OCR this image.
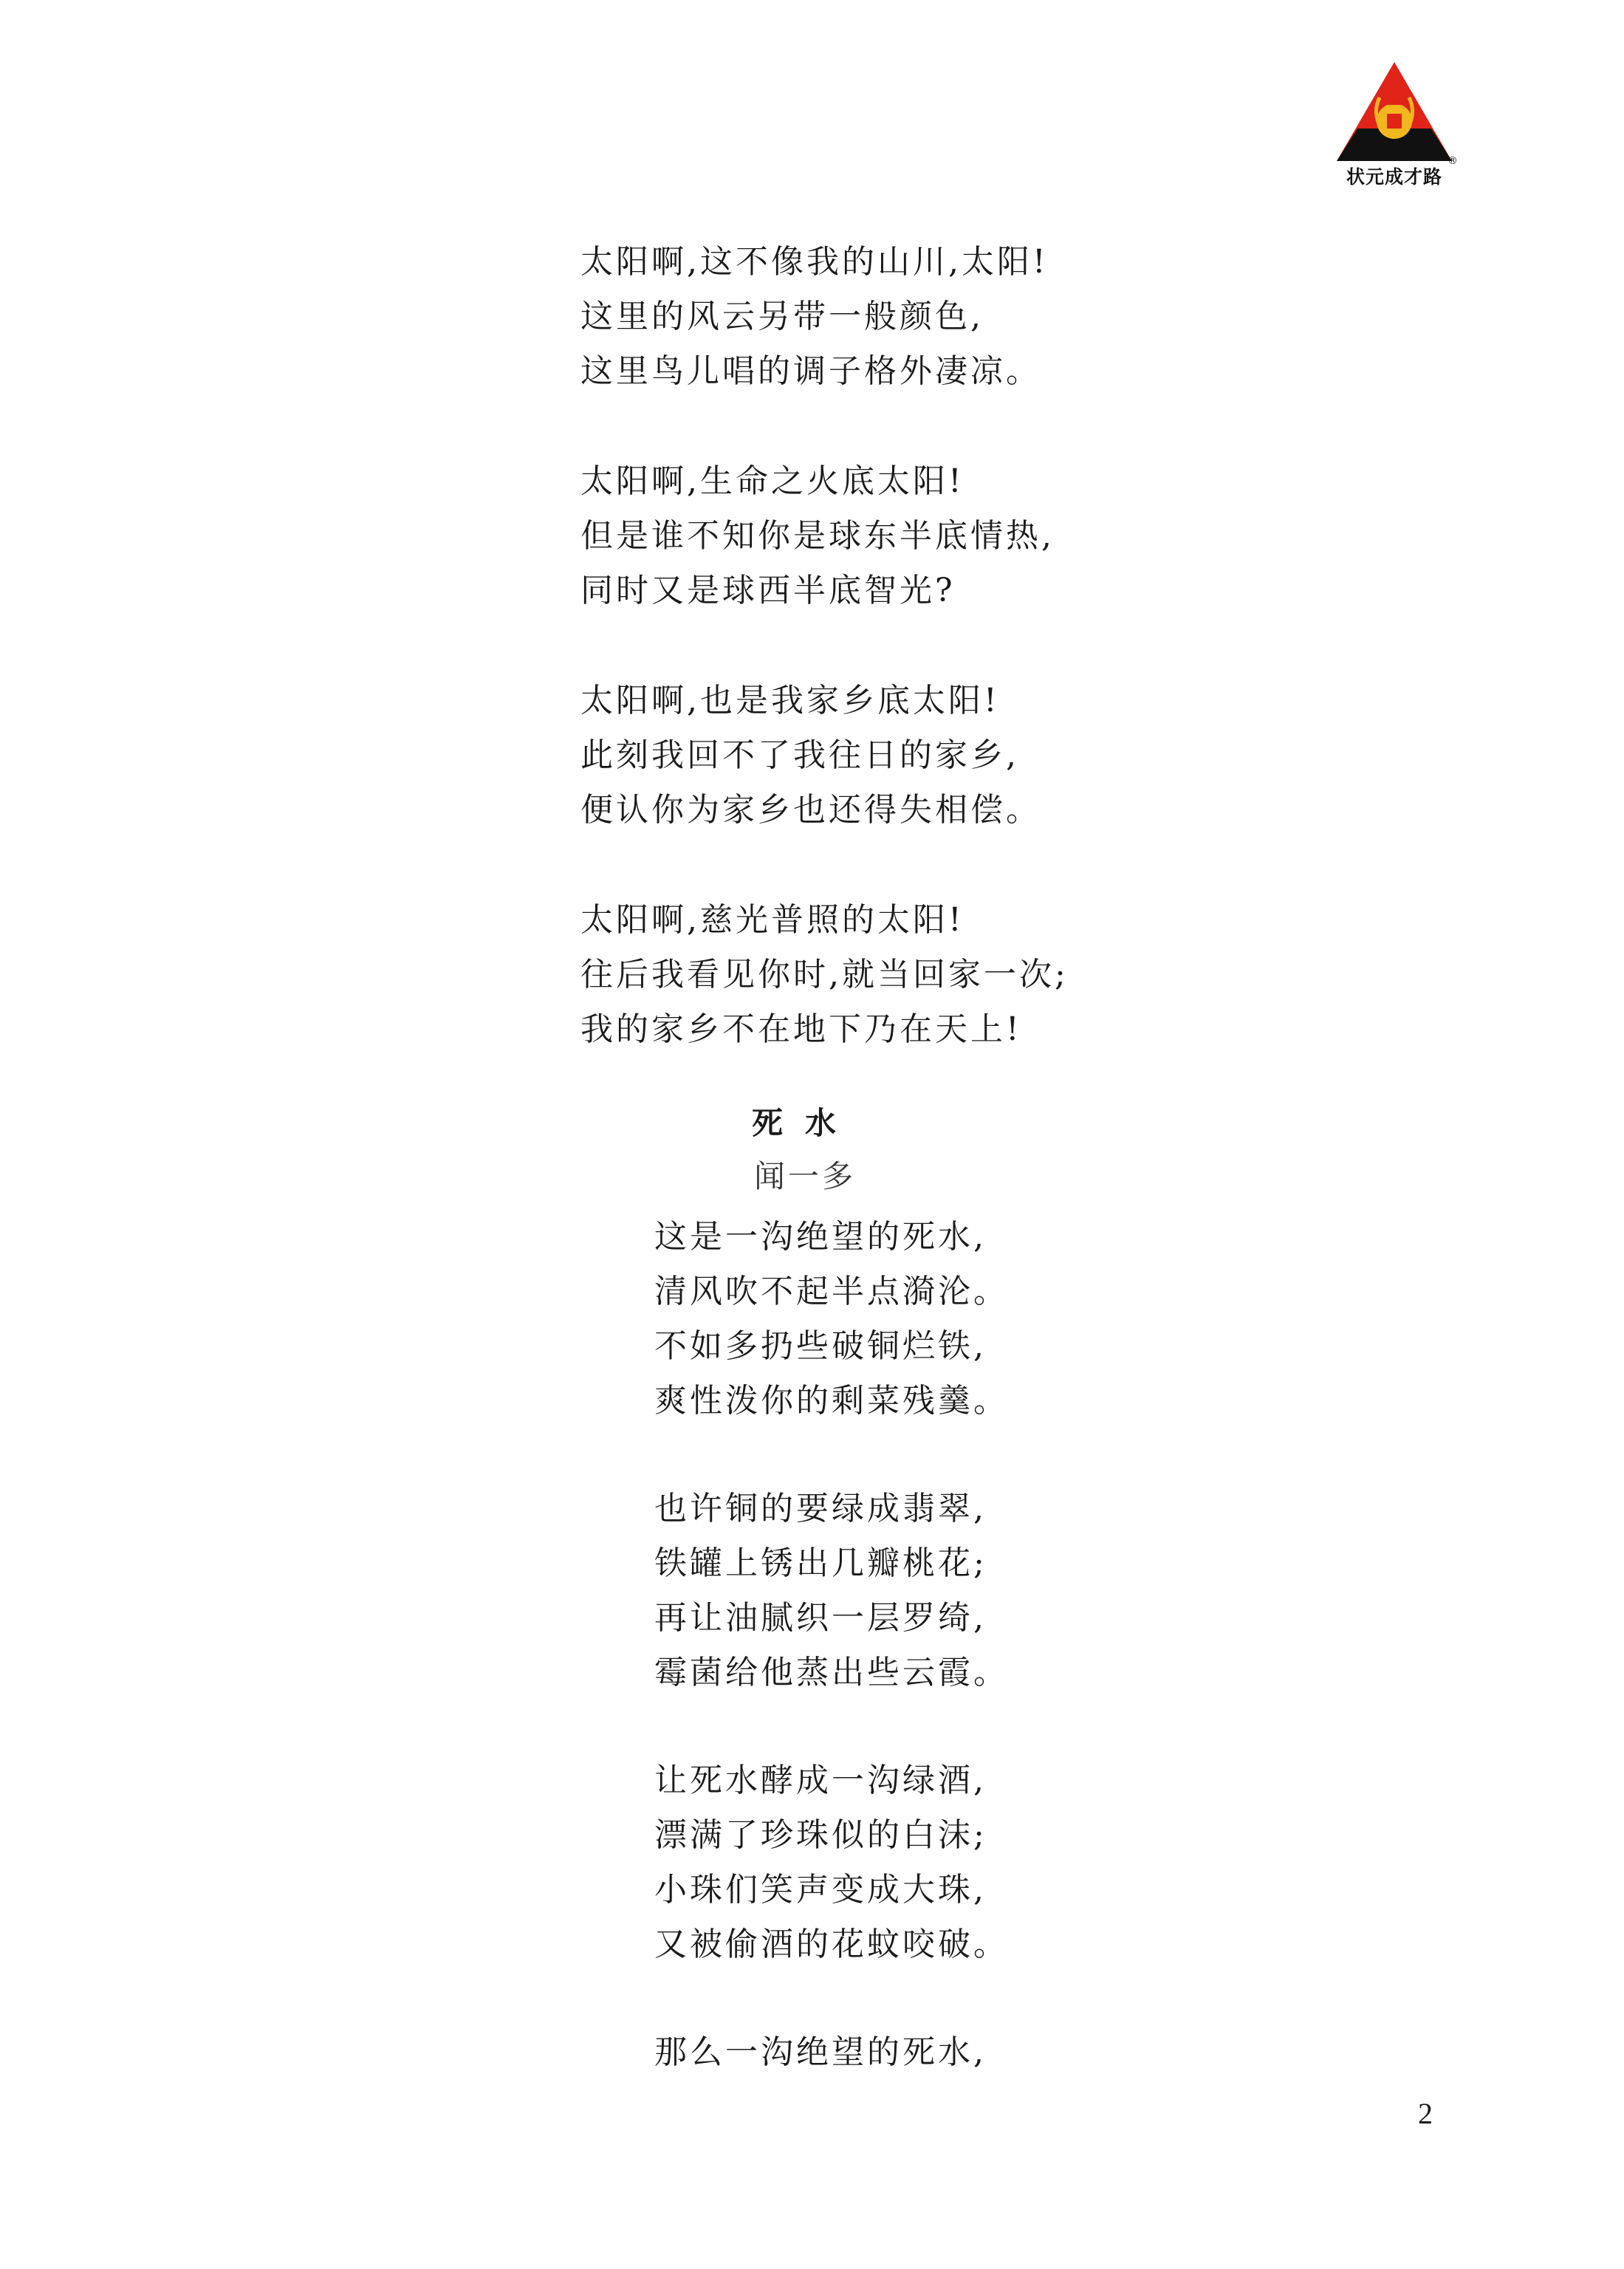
状元成才路
®
太阳啊,这不像我的山川,太阳!
这里的风云另带一般颜色,
这里鸟儿唱的调子格外凄凉。
太阳啊,生命之火底太阳!
但是谁不知你是球东半底情热,
同时又是球西半底智光?
太阳啊,也是我家乡底太阳!
此刻我回不了我往日的家乡,
便认你为家乡也还得失相偿。
太阳啊,慈光普照的太阳!
往后我看见你时,就当回家一次;
我的家乡不在地下乃在天上!
死水
闻一多
这是一沟绝望的死水,
清风吹不起半点漪沦。
不如多扔些破铜烂铁,
爽性泼你的剩菜残羹。
也许铜的要绿成翡翠,
铁罐上锈出几瓣桃花;
再让油腻织一层罗绮,
霉菌给他蒸出些云霞。
让死水酵成一沟绿酒,
漂满了珍珠似的白沫;
小珠们笑声变成大珠,
又被偷酒的花蚊咬破。
那么一沟绝望的死水,
2
